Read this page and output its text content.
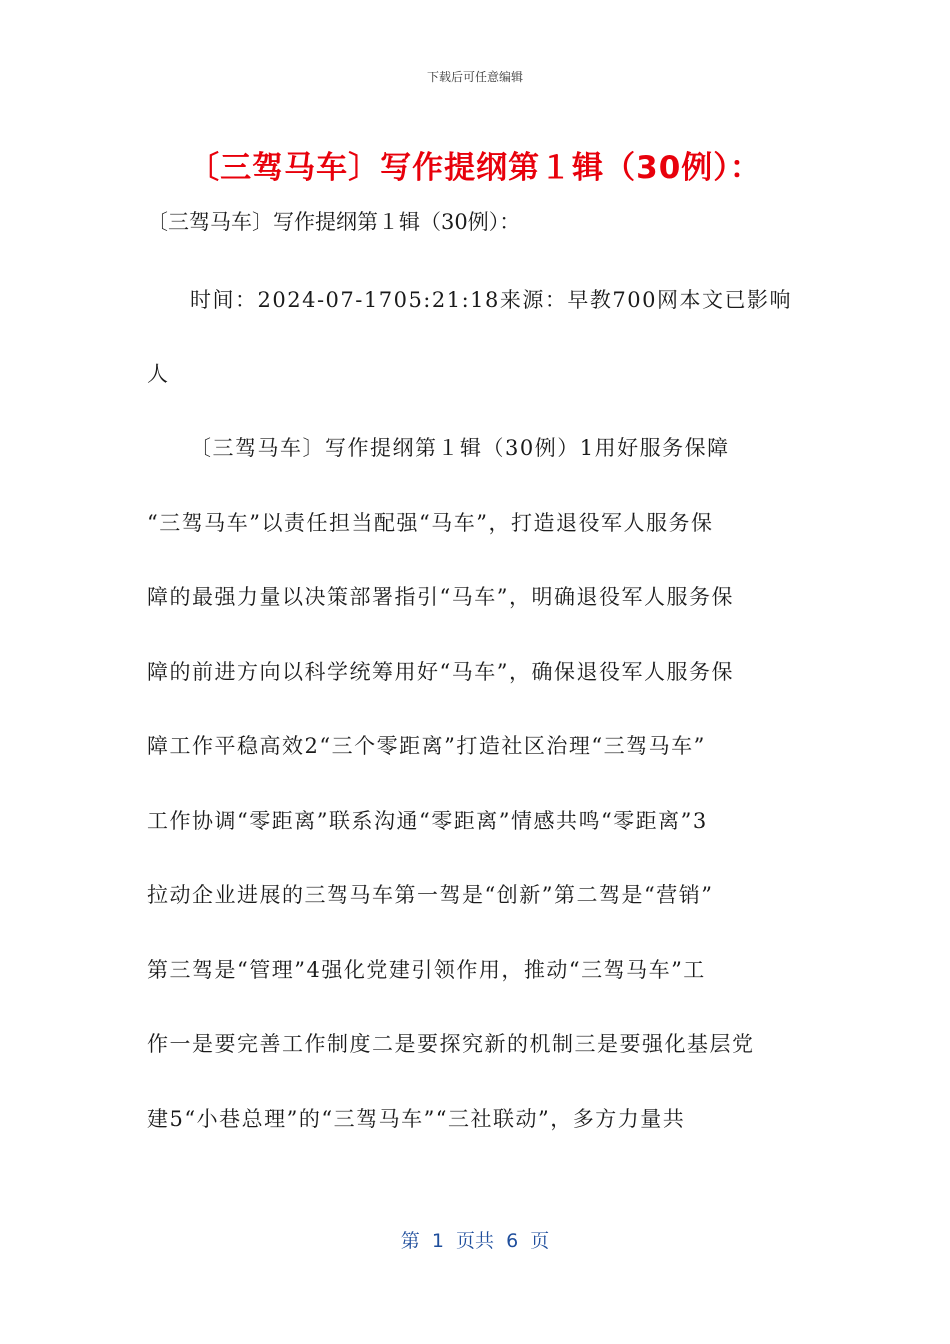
下载后可任意编辑
〔三驾马车〕写作提纲第１辑（30例）：
〔三驾马车〕写作提纲第１辑（30例）：
时间：2024-07-1705:21:18来源：早教700网本文已影响
人
〔三驾马车〕写作提纲第１辑（30例）1用好服务保障
“三驾马车”以责任担当配强“马车”，打造退役军人服务保
障的最强力量以决策部署指引“马车”，明确退役军人服务保
障的前进方向以科学统筹用好“马车”，确保退役军人服务保
障工作平稳高效2“三个零距离”打造社区治理“三驾马车”
工作协调“零距离”联系沟通“零距离”情感共鸣“零距离”3
拉动企业进展的三驾马车第一驾是“创新”第二驾是“营销”
第三驾是“管理”4强化党建引领作用，推动“三驾马车”工
作一是要完善工作制度二是要探究新的机制三是要强化基层党
建5“小巷总理”的“三驾马车”“三社联动”，多方力量共
第  1  页共  6  页
